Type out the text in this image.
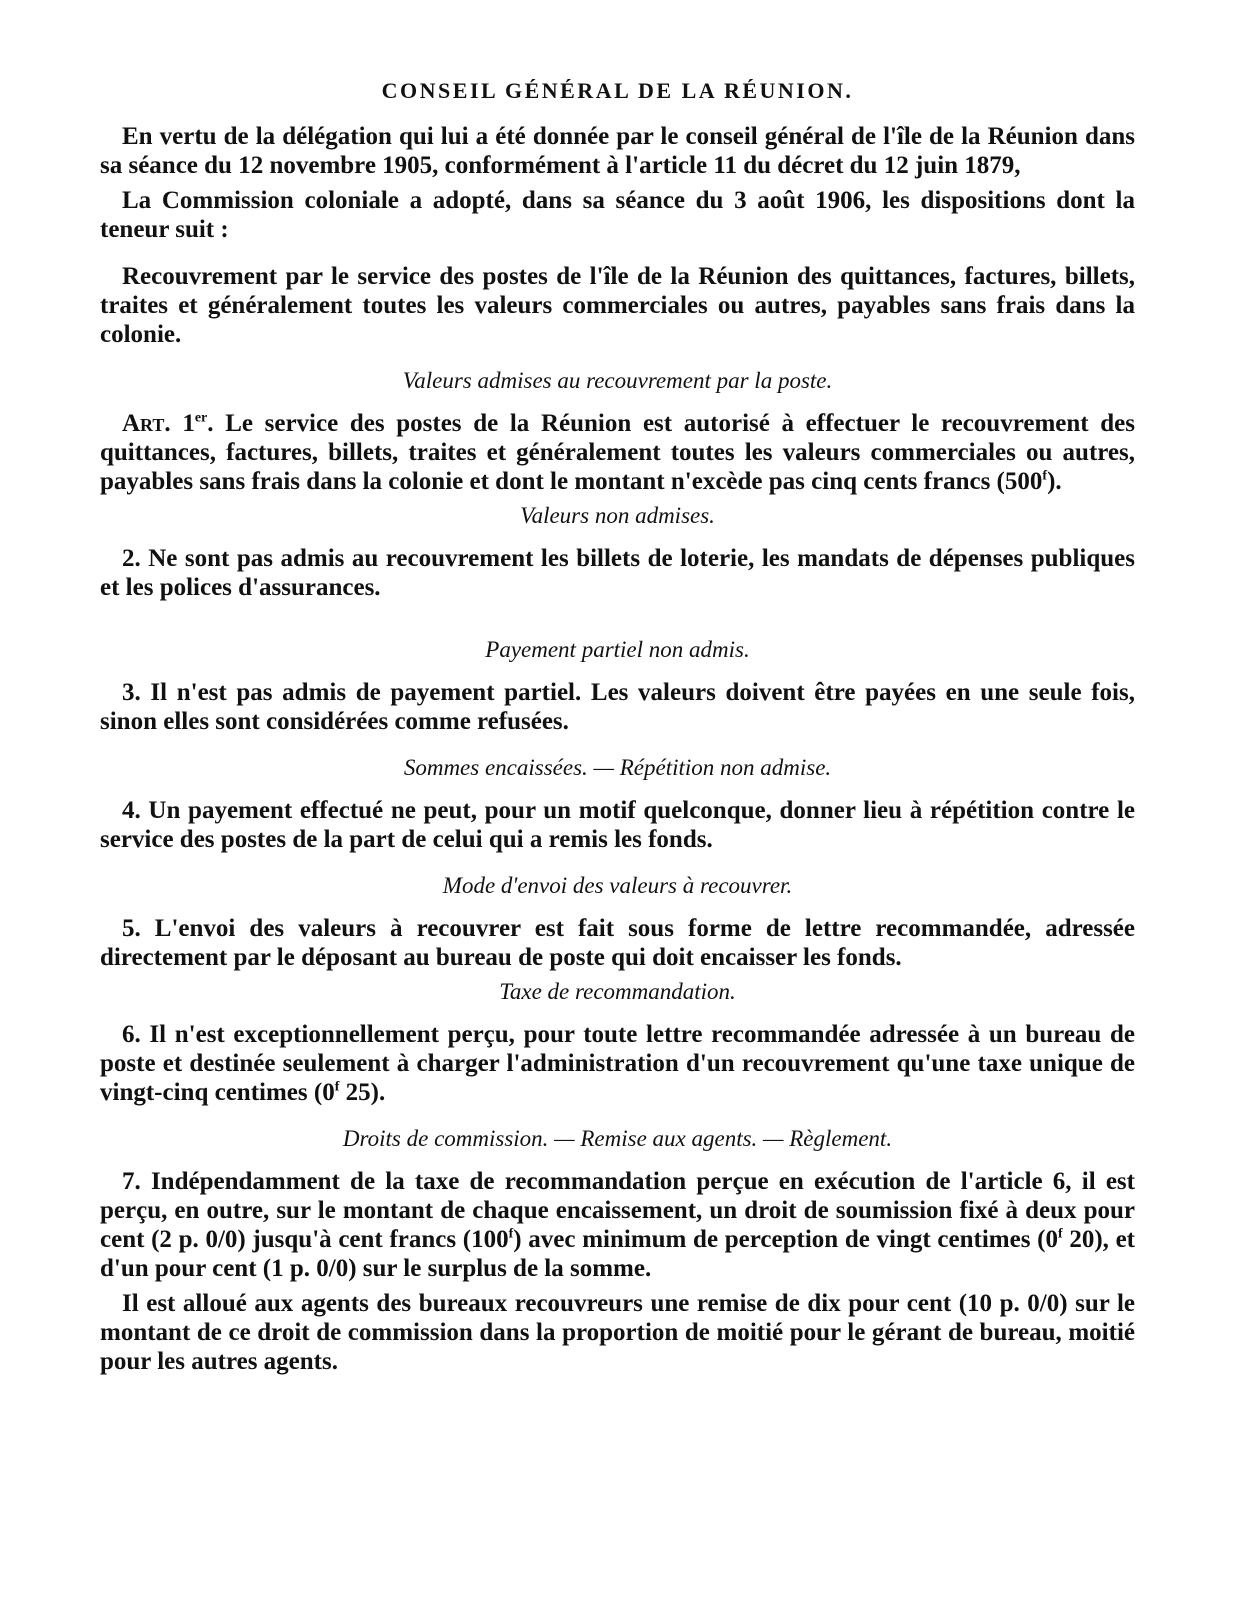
CONSEIL GÉNÉRAL DE LA RÉUNION.

En vertu de la délégation qui lui a été donnée par le conseil général de l'île de la Réunion dans sa séance du 12 novembre 1905, conformément à l'article 11 du décret du 12 juin 1879,

La Commission coloniale a adopté, dans sa séance du 3 août 1906, les dispositions dont la teneur suit :

Recouvrement par le service des postes de l'île de la Réunion des quittances, factures, billets, traites et généralement toutes les valeurs commerciales ou autres, payables sans frais dans la colonie.

Valeurs admises au recouvrement par la poste.

Art. 1er. Le service des postes de la Réunion est autorisé à effectuer le recouvrement des quittances, factures, billets, traites et généralement toutes les valeurs commerciales ou autres, payables sans frais dans la colonie et dont le montant n'excède pas cinq cents francs (500$^f$).

Valeurs non admises.

2. Ne sont pas admis au recouvrement les billets de loterie, les mandats de dépenses publiques et les polices d'assurances.

Payement partiel non admis.

3. Il n'est pas admis de payement partiel. Les valeurs doivent être payées en une seule fois, sinon elles sont considérées comme refusées.

Sommes encaissées. — Répétition non admise.

4. Un payement effectué ne peut, pour un motif quelconque, donner lieu à répétition contre le service des postes de la part de celui qui a remis les fonds.

Mode d'envoi des valeurs à recouvrer.

5. L'envoi des valeurs à recouvrer est fait sous forme de lettre recommandée, adressée directement par le déposant au bureau de poste qui doit encaisser les fonds.

Taxe de recommandation.

6. Il n'est exceptionnellement perçu, pour toute lettre recommandée adressée à un bureau de poste et destinée seulement à charger l'administration d'un recouvrement qu'une taxe unique de vingt-cinq centimes (0$^f$ 25).

Droits de commission. — Remise aux agents. — Règlement.

7. Indépendamment de la taxe de recommandation perçue en exécution de l'article 6, il est perçu, en outre, sur le montant de chaque encaissement, un droit de soumission fixé à deux pour cent (2 p. 0/0) jusqu'à cent francs (100$^f$) avec minimum de perception de vingt centimes (0$^f$ 20), et d'un pour cent (1 p. 0/0) sur le surplus de la somme.

Il est alloué aux agents des bureaux recouvreurs une remise de dix pour cent (10 p. 0/0) sur le montant de ce droit de commission dans la proportion de moitié pour le gérant de bureau, moitié pour les autres agents.
